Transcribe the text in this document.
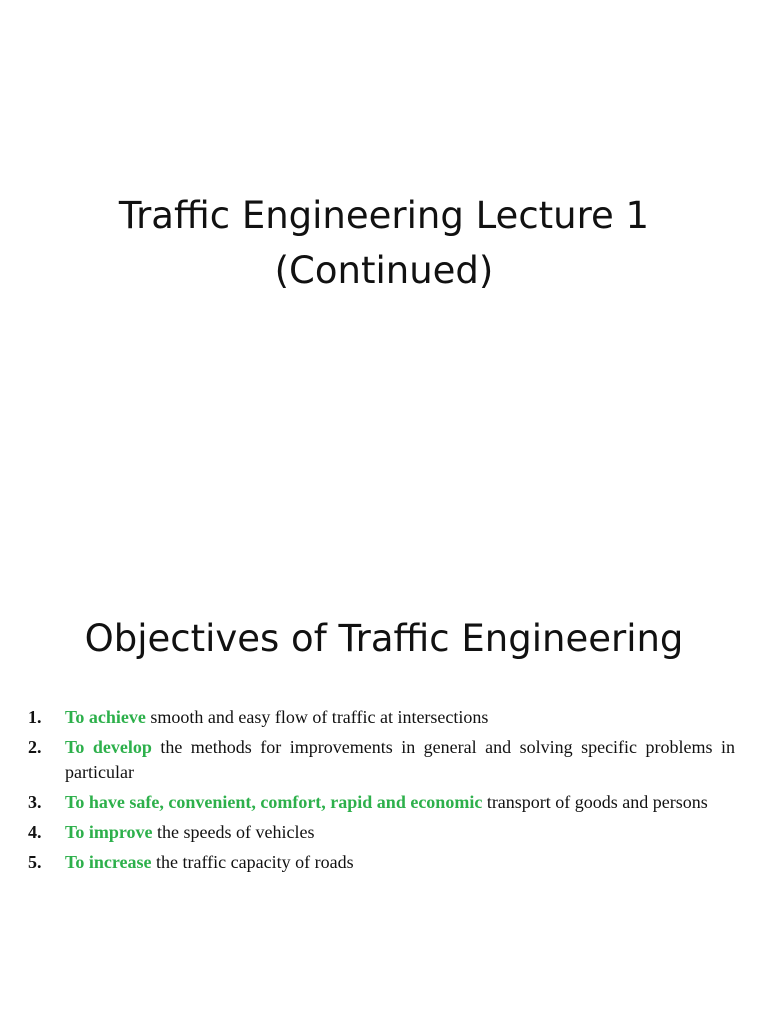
Traffic Engineering Lecture 1
(Continued)
Objectives of Traffic Engineering
1.	To achieve smooth and easy flow of traffic at intersections
2.	To develop the methods for improvements in general and solving specific problems in particular
3.	To have safe, convenient, comfort, rapid and economic transport of goods and persons
4.	To improve the speeds of vehicles
5.	To increase the traffic capacity of roads
